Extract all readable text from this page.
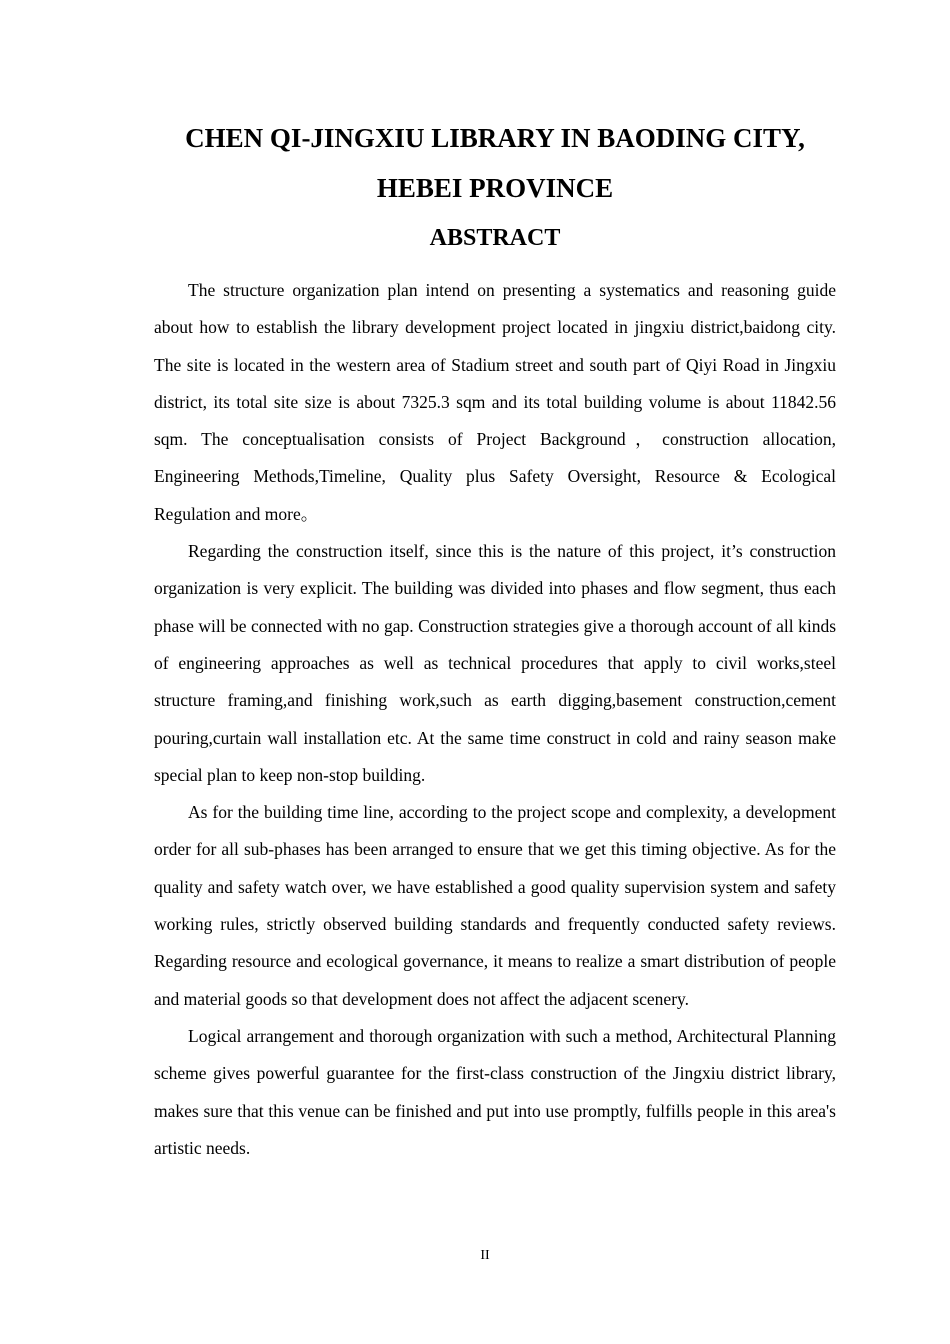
CHEN QI-JINGXIU LIBRARY IN BAODING CITY,
HEBEI PROVINCE
ABSTRACT

The structure organization plan intend on presenting a systematics and reasoning guide about how to establish the library development project located in jingxiu district,baidong city. The site is located in the western area of Stadium street and south part of Qiyi Road in Jingxiu district, its total site size is about 7325.3 sqm and its total building volume is about 11842.56 sqm. The conceptualisation consists of Project Background，construction allocation, Engineering Methods,Timeline, Quality plus Safety Oversight, Resource & Ecological Regulation and more。

Regarding the construction itself, since this is the nature of this project, it’s construction organization is very explicit. The building was divided into phases and flow segment, thus each phase will be connected with no gap. Construction strategies give a thorough account of all kinds of engineering approaches as well as technical procedures that apply to civil works,steel structure framing,and finishing work,such as earth digging,basement construction,cement pouring,curtain wall installation etc. At the same time construct in cold and rainy season make special plan to keep non-stop building.

As for the building time line, according to the project scope and complexity, a development order for all sub-phases has been arranged to ensure that we get this timing objective. As for the quality and safety watch over, we have established a good quality supervision system and safety working rules, strictly observed building standards and frequently conducted safety reviews. Regarding resource and ecological governance, it means to realize a smart distribution of people and material goods so that development does not affect the adjacent scenery.

Logical arrangement and thorough organization with such a method, Architectural Planning scheme gives powerful guarantee for the first-class construction of the Jingxiu district library, makes sure that this venue can be finished and put into use promptly, fulfills people in this area's artistic needs.

II
